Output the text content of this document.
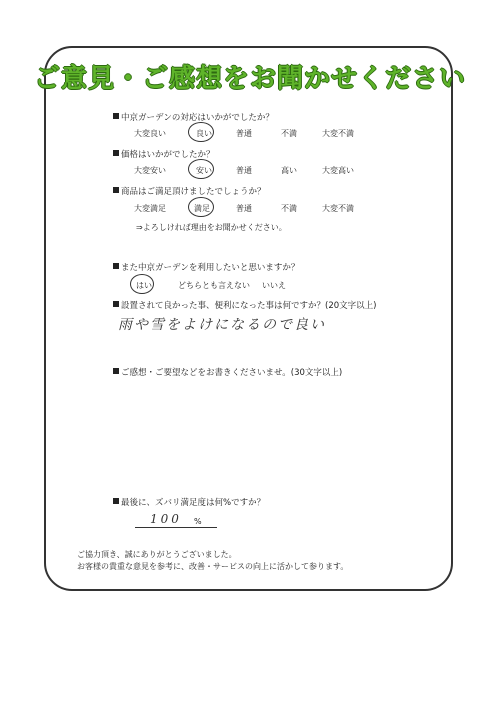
ご意見・ご感想をお聞かせください
中京ガーデンの対応はいかがでしたか？
大変良い	良い	普通	不満	大変不満
価格はいかがでしたか？
大変安い	安い	普通	高い	大変高い
商品はご満足頂けましたでしょうか？
大変満足	満足	普通	不満	大変不満
⇒よろしければ理由をお聞かせください。
また中京ガーデンを利用したいと思いますか？
はい	どちらとも言えない いいえ
設置されて良かった事、便利になった事は何ですか？(20文字以上)
雨や雪をよけになるので良い
ご感想・ご要望などをお書きくださいませ。(30文字以上)
最後に、ズバリ満足度は何%ですか？
100 %
ご協力頂き、誠にありがとうございました。
お客様の貴重な意見を参考に、改善・サービスの向上に活かして参ります。
